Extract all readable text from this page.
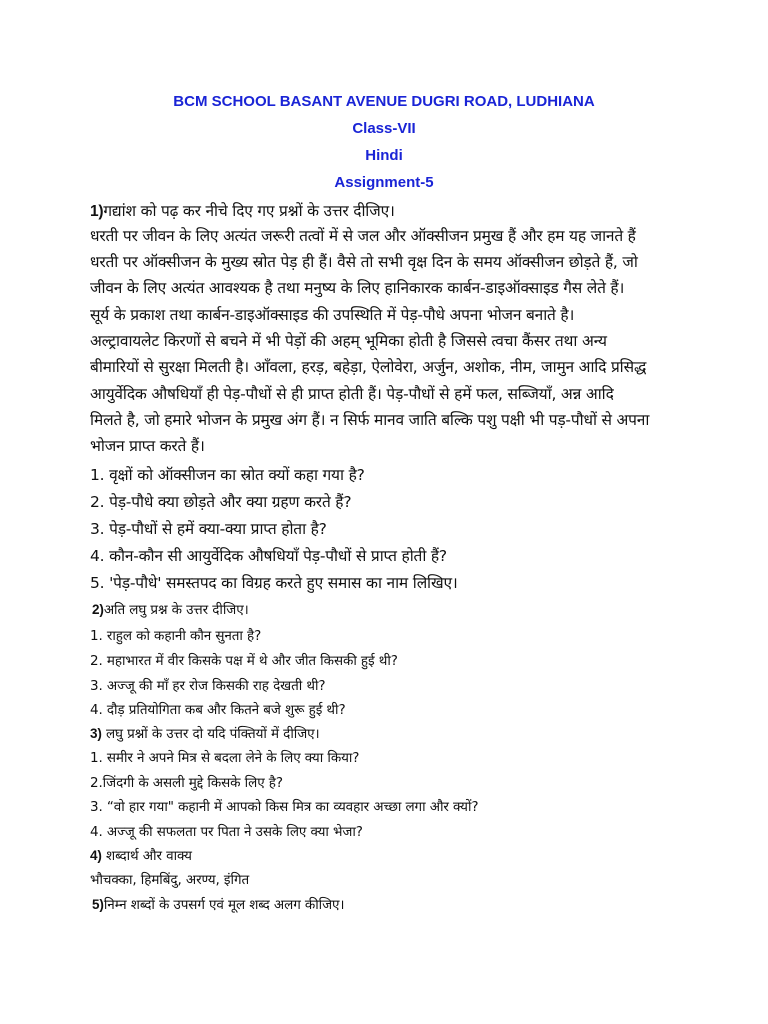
BCM SCHOOL BASANT AVENUE DUGRI ROAD, LUDHIANA
Class-VII
Hindi
Assignment-5
1)गद्यांश को पढ़ कर नीचे दिए गए प्रश्नों के उत्तर दीजिए।
धरती पर जीवन के लिए अत्यंत जरूरी तत्वों में से जल और ऑक्सीजन प्रमुख हैं और हम यह जानते हैं
धरती पर ऑक्सीजन के मुख्य स्रोत पेड़ ही हैं। वैसे तो सभी वृक्ष दिन के समय ऑक्सीजन छोड़ते हैं, जो
जीवन के लिए अत्यंत आवश्यक है तथा मनुष्य के लिए हानिकारक कार्बन-डाइऑक्साइड गैस लेते हैं।
सूर्य के प्रकाश तथा कार्बन-डाइऑक्साइड की उपस्थिति में पेड़-पौधे अपना भोजन बनाते है।
अल्ट्रावायलेट किरणों से बचने में भी पेड़ों की अहम् भूमिका होती है जिससे त्वचा कैंसर तथा अन्य
बीमारियों से सुरक्षा मिलती है। आँवला, हरड़, बहेड़ा, ऐलोवेरा, अर्जुन, अशोक, नीम, जामुन आदि प्रसिद्ध
आयुर्वेदिक औषधियाँ ही पेड़-पौधों से ही प्राप्त होती हैं। पेड़-पौधों से हमें फल, सब्जियाँ, अन्न आदि
मिलते है, जो हमारे भोजन के प्रमुख अंग हैं। न सिर्फ मानव जाति बल्कि पशु पक्षी भी पड़-पौधों से अपना
भोजन प्राप्त करते हैं।
1. वृक्षों को ऑक्सीजन का स्रोत क्यों कहा गया है?
2. पेड़-पौधे क्या छोड़ते और क्या ग्रहण करते हैं?
3. पेड़-पौधों से हमें क्या-क्या प्राप्त होता है?
4. कौन-कौन सी आयुर्वेदिक औषधियाँ पेड़-पौधों से प्राप्त होती हैं?
5. 'पेड़-पौधे' समस्तपद का विग्रह करते हुए समास का नाम लिखिए।
2)अति लघु प्रश्न के उत्तर दीजिए।
1. राहुल को कहानी कौन सुनता है?
2. महाभारत में वीर किसके पक्ष में थे और जीत किसकी हुई थी?
3. अज्जू की माँ हर रोज किसकी राह देखती थी?
4. दौड़ प्रतियोगिता कब और कितने बजे शुरू हुई थी?
3) लघु प्रश्नों के उत्तर दो यदि पंक्तियों में दीजिए।
1. समीर ने अपने मित्र से बदला लेने के लिए क्या किया?
2.जिंदगी के असली मुद्दे किसके लिए है?
3. “वो हार गया" कहानी में आपको किस मित्र का व्यवहार अच्छा लगा और क्यों?
4. अज्जू की सफलता पर पिता ने उसके लिए क्या भेजा?
4) शब्दार्थ और वाक्य
भौचक्का, हिमबिंदु, अरण्य, इंगित
5)निम्न शब्दों के उपसर्ग एवं मूल शब्द अलग कीजिए।
